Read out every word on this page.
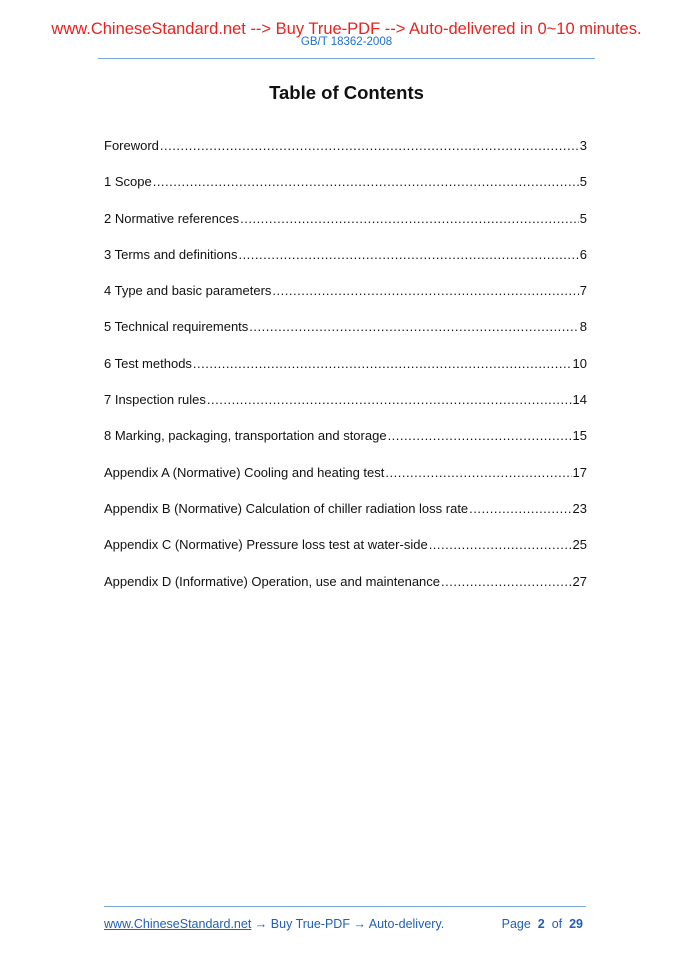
www.ChineseStandard.net --> Buy True-PDF --> Auto-delivered in 0~10 minutes.
GB/T 18362-2008
Table of Contents
Foreword .....	3
1 Scope .....	5
2 Normative references .....	5
3 Terms and definitions .....	6
4 Type and basic parameters .....	7
5 Technical requirements .....	8
6 Test methods .....	10
7 Inspection rules .....	14
8 Marking, packaging, transportation and storage .....	15
Appendix A (Normative) Cooling and heating test .....	17
Appendix B (Normative) Calculation of chiller radiation loss rate .....	23
Appendix C (Normative) Pressure loss test at water-side .....	25
Appendix D (Informative) Operation, use and maintenance .....	27
www.ChineseStandard.net → Buy True-PDF → Auto-delivery.	Page 2 of 29
